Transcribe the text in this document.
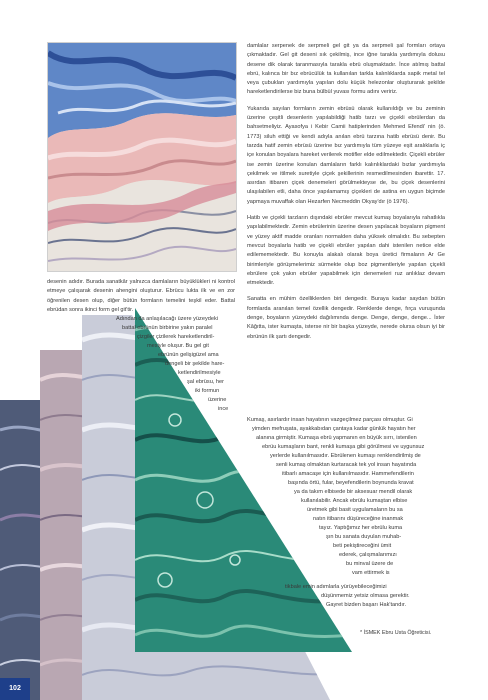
damlalar serpenek de serpmeli gel git ya da serpmeli şal formları ortaya çıkmaktadır. Gel git deseni sık çekilmiş, ince iğne tarakla yardımıyla dolusu desene dik olarak taranmasıyla tarakla ebrü oluşmaktadır. İnce atılmış battal ebrü, kalınca bir bız ebrücülük ta kullanılan tarkla kalınlıklarda sapik metal tel veya çubukları yardımıyla yapılan dolu küçük helezonlar oluşturarak şekilde hareketlendirilerse biz buna bülbül yuvası formu adını veririz.

Yukarıda sayılan formların zemin ebrüsü olarak kullanıldığı ve bu zeminin üzerine çeşitli desenlerin yapılabildiği hatib tarzı ve çiçekli ebrülerdan da bahsetmeliyiz. Ayasofya i Kebir Camii hatiplerinden Mehmed Efendi' nin (ö. 1773) siluh ettiği ve kendi adıyla anılan ebrü tarzına hatib ebrüsü denir. Bu tarzda hatif zemin ebrüsü üzerine bız yardımıyla tüm yüzeye eşit aralıklarla iç içe konulan boyalara hareket verilerek motifler elde edilmektedir. Çiçekli ebrüler ise zemin üzerine konulan damlaların farklı kalınlıklardaki bızlar yardımıyla çekilmek ve itilmek suretiyle çiçek şekillerinin resmedilmesinden ibarettir. 17. asırdan itibaren çiçek denemeleri görülmekteyse de, bu çiçek desenlerini ulaşılabilen etli, daha önce yapılamamış çiçekleri de astina en uygun biçimde yapmaya muvaffak olan Hezarfen Necmeddin Okyay'dır (ö 1976).

Hatib ve çiçekli tarzların dışındaki ebrüler mevcut kumaş boyalarıyla rahatlıkla yapılabilmektedir. Zemin ebrülerinin üzerine desen yapılacak boyaların pigment ve yüzey aktif madde oranları normalden daha yüksek olmalıdır. Bu sebepten mevcut boyalarla hatib ve çiçekli ebrüler yapılan dahi istenilen netice elde edilememektedir. Bu konuyla alakalı olarak boya üretici firmaların Ar Ge birimleriyle görüşmelerimiz sürmekte olup boz pigmentleriyle yapılan çiçekli ebrülere çok yakın ebrüler yapabilmek için denemeleri ruz anlıklaz devam etmektedir.

Sanatta en mühim özelliklerden biri dengedir. Buraya kadar saydan bütün formlarda aranılan temel özellik dengedir. Renklerde denge, fırça vuruşunda denge, boyaların yüzeydeki dağılımında denge. Denge, denge, denge... İster Kâğıtta, ister kumaşta, isterse nir bir başka yüzeyde, nerede olursa olsun iyi bir ebrünün ilk şartı dengedir.

desenin adıdır. Burada sanatkâr yalnızca damlaların büyüklükleri ni kontrol etmeye çalışarak desenin ahengini oluşturur. Ebrücu lukta ilk ve en zor öğrenilen desen olup, diğer bütün formların temelini teşkil eder. Battal ebrüdan sonra ikinci form gel git'tir.

Adından da anlaşılacağı üzere yüzeydeki
battal ebrünün birbirine yakın paralel
çizgiler çizilerek hareketlendiril-
mesiyle oluşur. Bu gel git
ebrünün gelişigüzel ama
dengeli bir şekilde hare-
ketlendirilmesiyle
şal ebrüsu, her
iki formun
üzerine
ince
Kumaş, asırlardır insan hayatının vazgeçilmez parçası olmuştur. Gi
yimden mefruşata, ayakkabıdan çantaya kadar günlük hayatın her
alanına girmiştir. Kumaşa ebrü yapmanın en büyük sırrı, istenilen
ebrüu kumaşların bant, renkli kumaşa gibi görülmesi ve uygunsuz
yerlerde kullanılmasıdır. Ebrülenen kumaşı renklendirilmiş de
senli kumaş olmaktan kurtaracak tek yol insan hayatında
itibarlı amacaşe için kullanılmasıdır. Hammefendilerin
başında örtü, fular, beyefendilerin boynunda kravat
ya da takım elbisede bir aksesuar mendil olarak
kullanılabilir. Ancak ebrülu kumaştan elbise
üretmek gibi basit uygulamaların bu sa
natın itibarını düşüreceğine inanmak
tayız. Yaptığımız her ebrülu kuma
şın bu sanata duyulan muhab-
beti pekiştireceğini ümit
ederek, çalışmalarımızı
bu minval üzere de
vam ettirmek is
tikbale emin adımlarla yürüyebileceğimizi
düşünmemiz yetsiz olmasa gerektir.
Gayret bizden başarı Hak'tandır.
* İSMEK Ebru Usta Öğreticisi.
102
